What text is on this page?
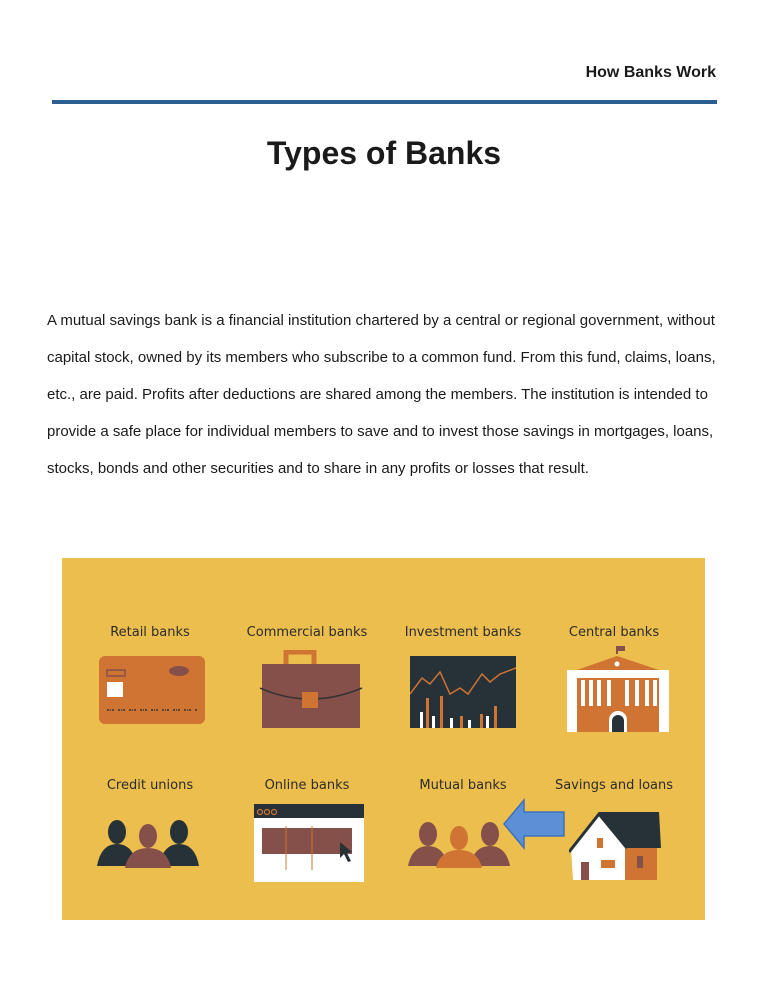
How Banks Work
Types of Banks

A mutual savings bank is a financial institution chartered by a central or regional government, without capital stock, owned by its members who subscribe to a common fund. From this fund, claims, loans, etc., are paid. Profits after deductions are shared among the members. The institution is intended to provide a safe place for individual members to save and to invest those savings in mortgages, loans, stocks, bonds and other securities and to share in any profits or losses that result.

Retail banks	Commercial banks	Investment banks	Central banks
Credit unions	Online banks	Mutual banks	Savings and loans
